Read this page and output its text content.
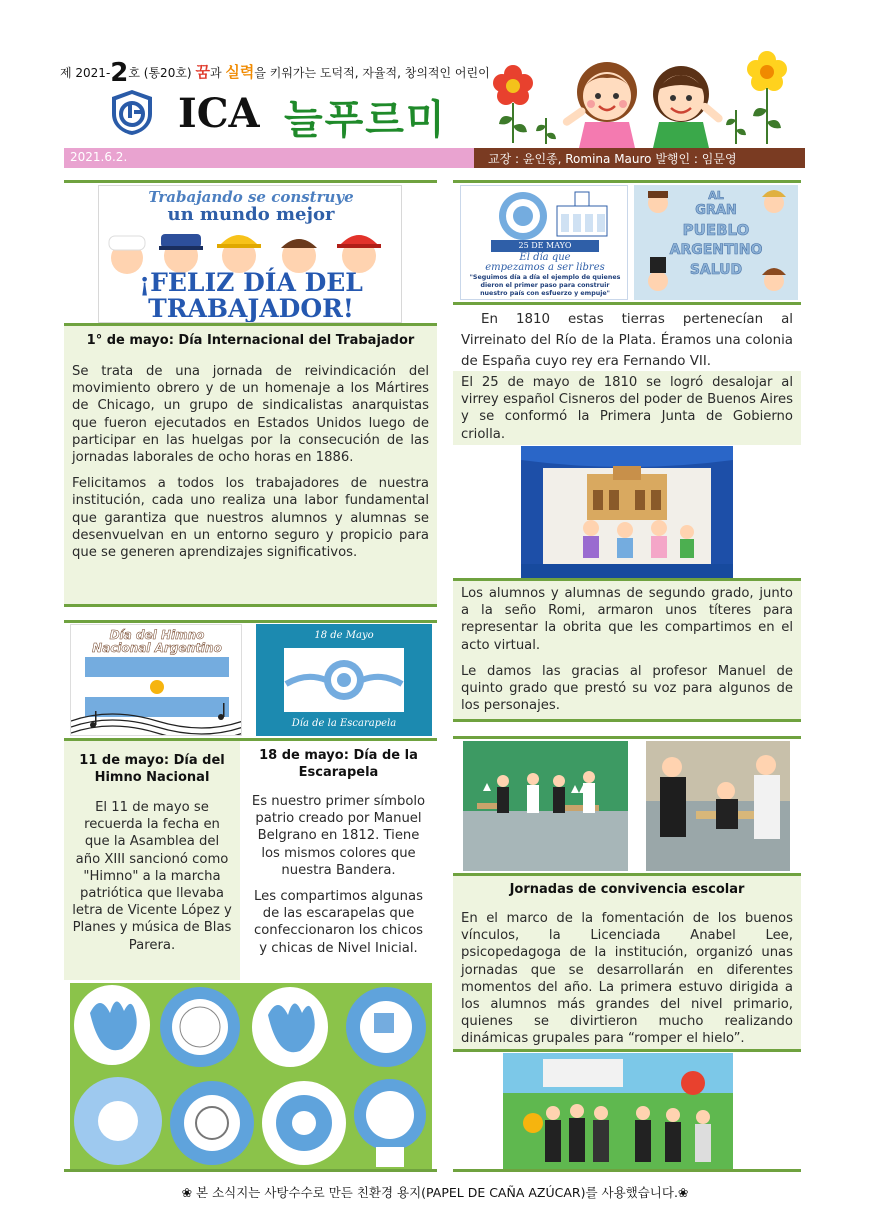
제 2021-2호 (통20호) 꿈과 실력을 키워가는 도덕적, 자율적, 창의적인 어린이
ICA 늘푸르미
2021.6.2.	교장 : 윤인종, Romina Mauro 발행인 : 임문영
Trabajando se construye
un mundo mejor
¡FELIZ DÍA DEL
TRABAJADOR!
1° de mayo: Día Internacional del Trabajador

Se trata de una jornada de reivindicación del movimiento obrero y de un homenaje a los Mártires de Chicago, un grupo de sindicalistas anarquistas que fueron ejecutados en Estados Unidos luego de participar en las huelgas por la consecución de las jornadas laborales de ocho horas en 1886.

Felicitamos a todos los trabajadores de nuestra institución, cada uno realiza una labor fundamental que garantiza que nuestros alumnos y alumnas se desenvuelvan en un entorno seguro y propicio para que se generen aprendizajes significativos.

25 DE MAYO
El día que
empezamos a ser libres
"Seguimos día a día el ejemplo de quienes dieron el primer paso para construir nuestro país con esfuerzo y empuje"
AL
GRAN
PUEBLO
ARGENTINO
SALUD
En 1810 estas tierras pertenecían al Virreinato del Río de la Plata. Éramos una colonia de España cuyo rey era Fernando VII.
El 25 de mayo de 1810 se logró desalojar al virrey español Cisneros del poder de Buenos Aires y se conformó la Primera Junta de Gobierno criolla.

Los alumnos y alumnas de segundo grado, junto a la seño Romi, armaron unos títeres para representar la obrita que les compartimos en el acto virtual.

Le damos las gracias al profesor Manuel de quinto grado que prestó su voz para algunos de los personajes.

Día del Himno
Nacional Argentino
18 de Mayo
Día de la Escarapela
11 de mayo: Día del Himno Nacional
El 11 de mayo se recuerda la fecha en que la Asamblea del año XIII sancionó como "Himno" a la marcha patriótica que llevaba letra de Vicente López y Planes y música de Blas Parera.
18 de mayo: Día de la Escarapela

Es nuestro primer símbolo patrio creado por Manuel Belgrano en 1812. Tiene los mismos colores que nuestra Bandera.

Les compartimos algunas de las escarapelas que confeccionaron los chicos y chicas de Nivel Inicial.

Jornadas de convivencia escolar
En el marco de la fomentación de los buenos vínculos, la Licenciada Anabel Lee, psicopedagoga de la institución, organizó unas jornadas que se desarrollarán en diferentes momentos del año. La primera estuvo dirigida a los alumnos más grandes del nivel primario, quienes se divirtieron mucho realizando dinámicas grupales para “romper el hielo”.
❀ 본 소식지는 사탕수수로 만든 친환경 용지(PAPEL DE CAÑA AZÚCAR)를 사용했습니다.❀
